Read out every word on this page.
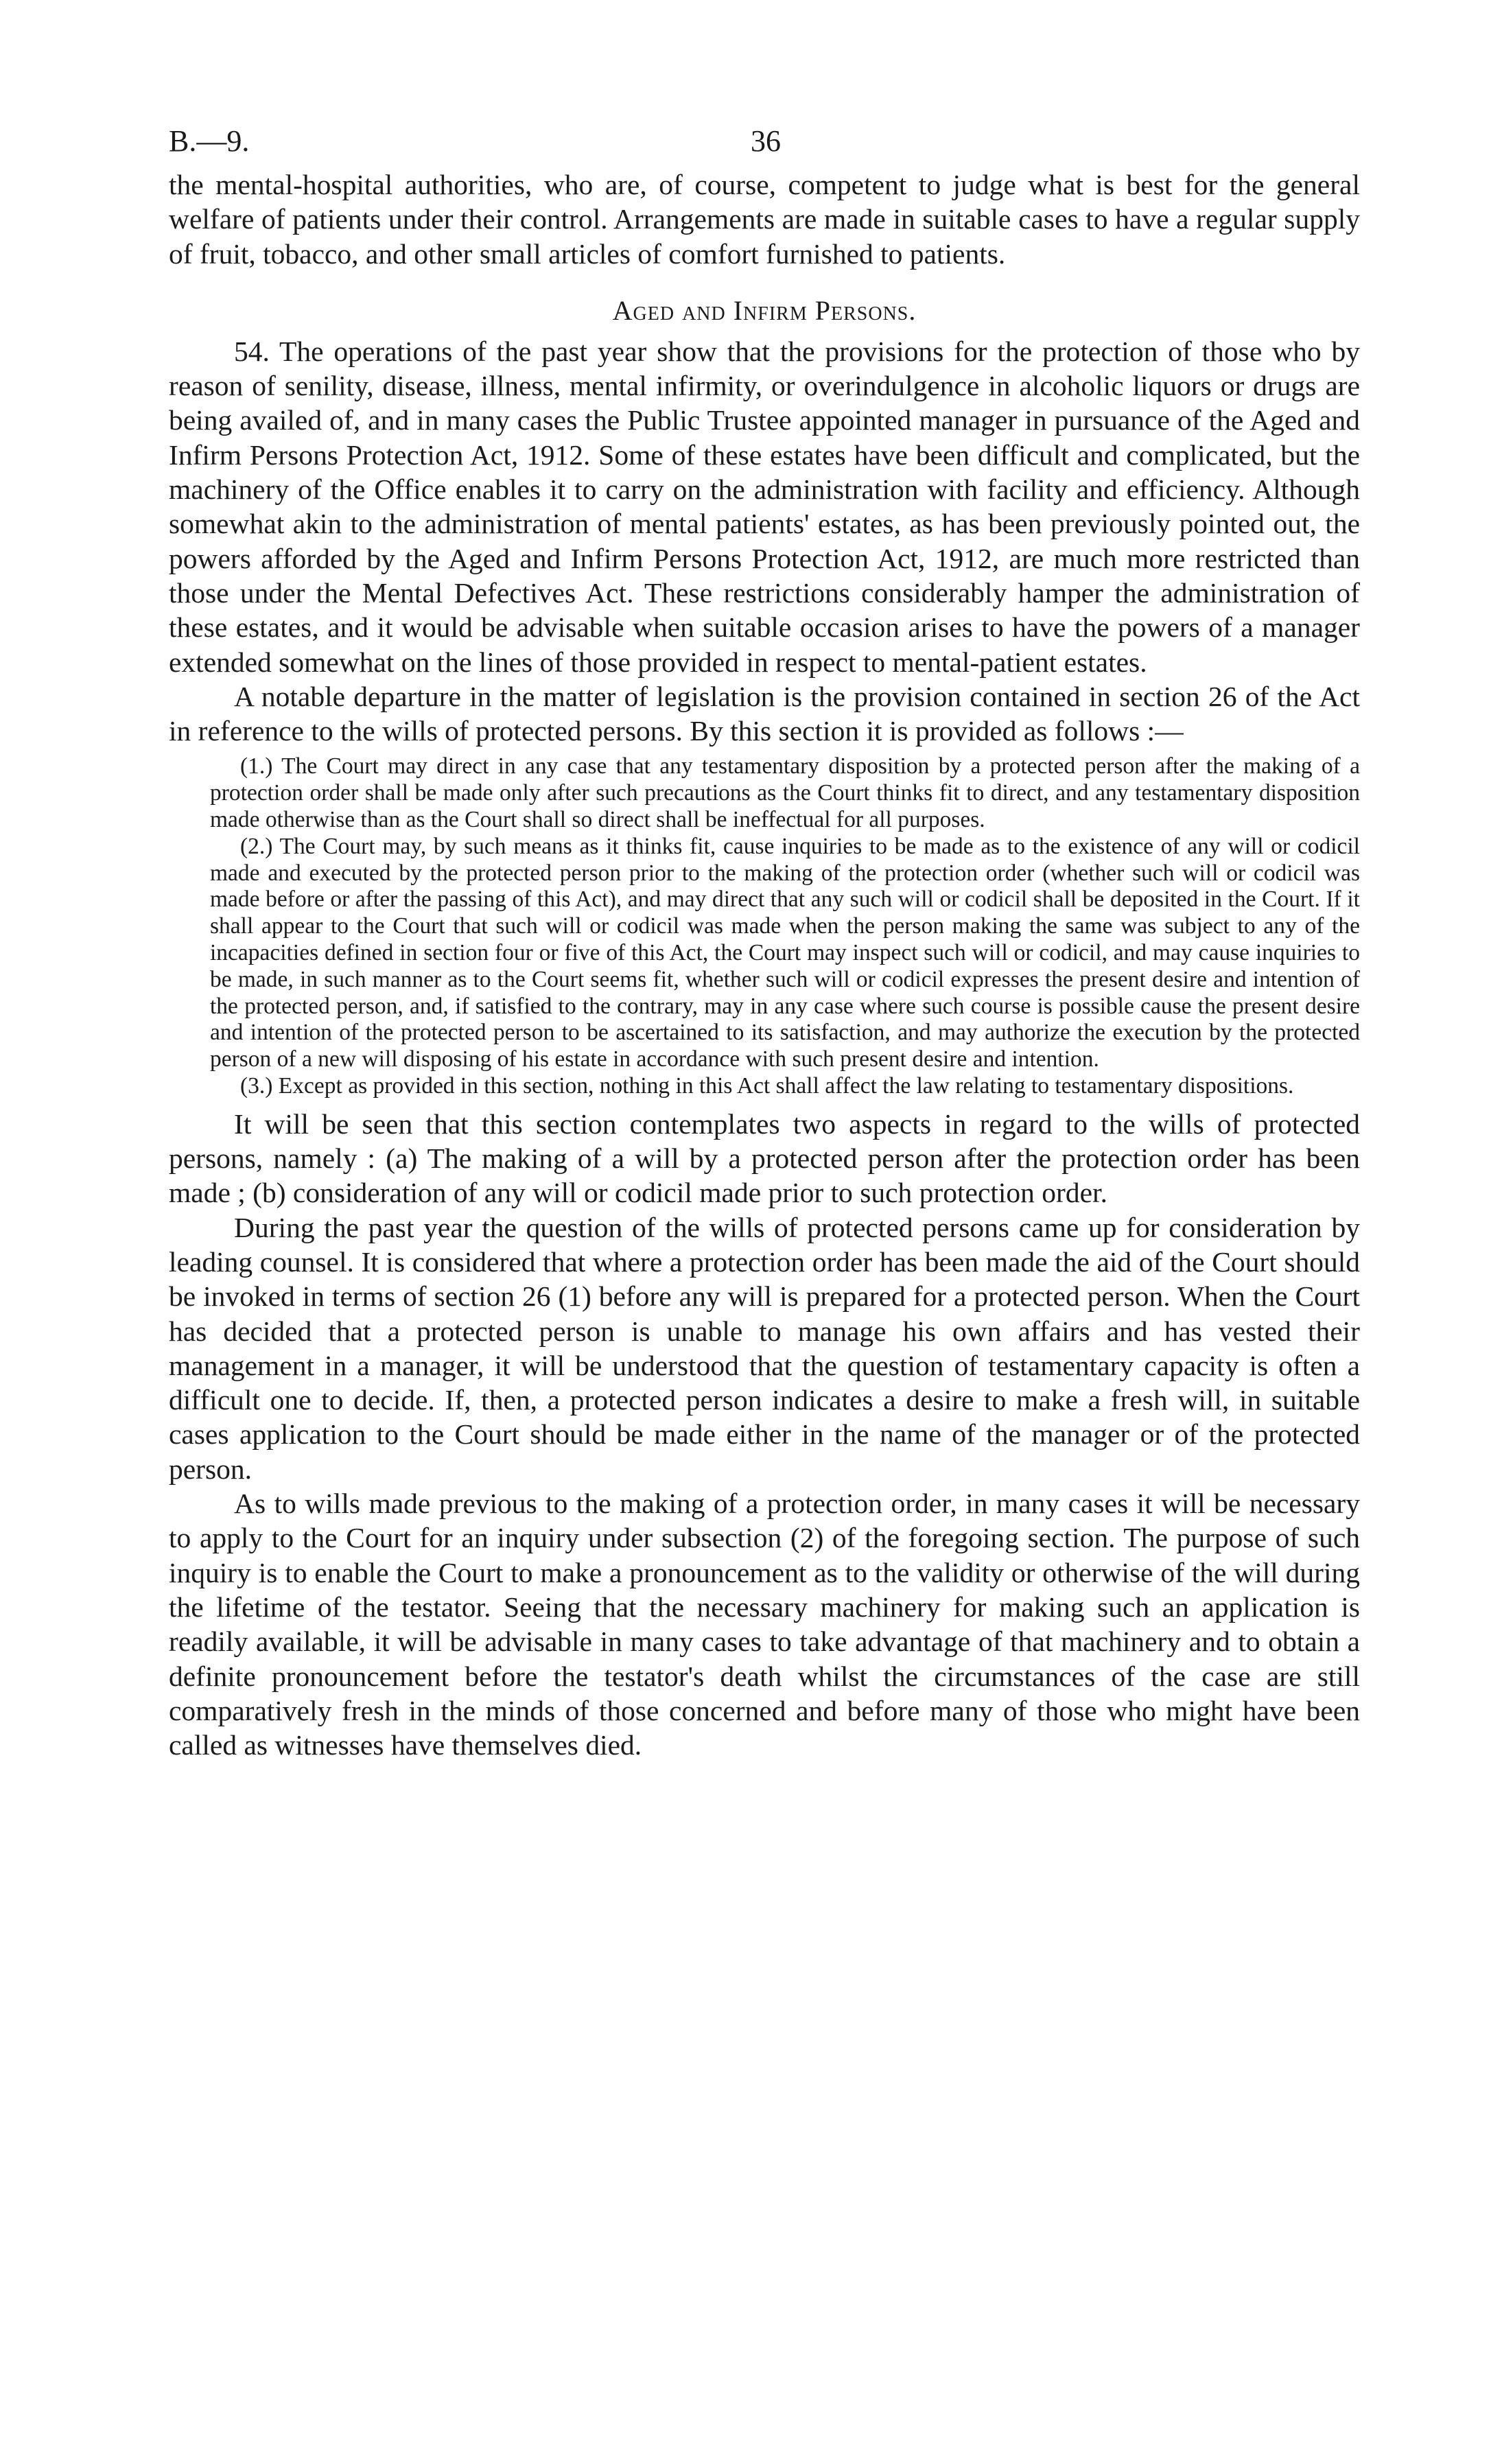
B.—9.	36

the mental-hospital authorities, who are, of course, competent to judge what is best for the general welfare of patients under their control. Arrangements are made in suitable cases to have a regular supply of fruit, tobacco, and other small articles of comfort furnished to patients.

Aged and Infirm Persons.

54. The operations of the past year show that the provisions for the protection of those who by reason of senility, disease, illness, mental infirmity, or overindulgence in alcoholic liquors or drugs are being availed of, and in many cases the Public Trustee appointed manager in pursuance of the Aged and Infirm Persons Protection Act, 1912. Some of these estates have been difficult and complicated, but the machinery of the Office enables it to carry on the administration with facility and efficiency. Although somewhat akin to the administration of mental patients' estates, as has been previously pointed out, the powers afforded by the Aged and Infirm Persons Protection Act, 1912, are much more restricted than those under the Mental Defectives Act. These restrictions considerably hamper the administration of these estates, and it would be advisable when suitable occasion arises to have the powers of a manager extended somewhat on the lines of those provided in respect to mental-patient estates.

A notable departure in the matter of legislation is the provision contained in section 26 of the Act in reference to the wills of protected persons. By this section it is provided as follows :—

(1.) The Court may direct in any case that any testamentary disposition by a protected person after the making of a protection order shall be made only after such precautions as the Court thinks fit to direct, and any testamentary disposition made otherwise than as the Court shall so direct shall be ineffectual for all purposes.

(2.) The Court may, by such means as it thinks fit, cause inquiries to be made as to the existence of any will or codicil made and executed by the protected person prior to the making of the protection order (whether such will or codicil was made before or after the passing of this Act), and may direct that any such will or codicil shall be deposited in the Court. If it shall appear to the Court that such will or codicil was made when the person making the same was subject to any of the incapacities defined in section four or five of this Act, the Court may inspect such will or codicil, and may cause inquiries to be made, in such manner as to the Court seems fit, whether such will or codicil expresses the present desire and intention of the protected person, and, if satisfied to the contrary, may in any case where such course is possible cause the present desire and intention of the protected person to be ascertained to its satisfaction, and may authorize the execution by the protected person of a new will disposing of his estate in accordance with such present desire and intention.

(3.) Except as provided in this section, nothing in this Act shall affect the law relating to testamentary dispositions.

It will be seen that this section contemplates two aspects in regard to the wills of protected persons, namely : (a) The making of a will by a protected person after the protection order has been made ; (b) consideration of any will or codicil made prior to such protection order.

During the past year the question of the wills of protected persons came up for consideration by leading counsel. It is considered that where a protection order has been made the aid of the Court should be invoked in terms of section 26 (1) before any will is prepared for a protected person. When the Court has decided that a protected person is unable to manage his own affairs and has vested their management in a manager, it will be understood that the question of testamentary capacity is often a difficult one to decide. If, then, a protected person indicates a desire to make a fresh will, in suitable cases application to the Court should be made either in the name of the manager or of the protected person.

As to wills made previous to the making of a protection order, in many cases it will be necessary to apply to the Court for an inquiry under subsection (2) of the foregoing section. The purpose of such inquiry is to enable the Court to make a pronouncement as to the validity or otherwise of the will during the lifetime of the testator. Seeing that the necessary machinery for making such an application is readily available, it will be advisable in many cases to take advantage of that machinery and to obtain a definite pronouncement before the testator's death whilst the circumstances of the case are still comparatively fresh in the minds of those concerned and before many of those who might have been called as witnesses have themselves died.
